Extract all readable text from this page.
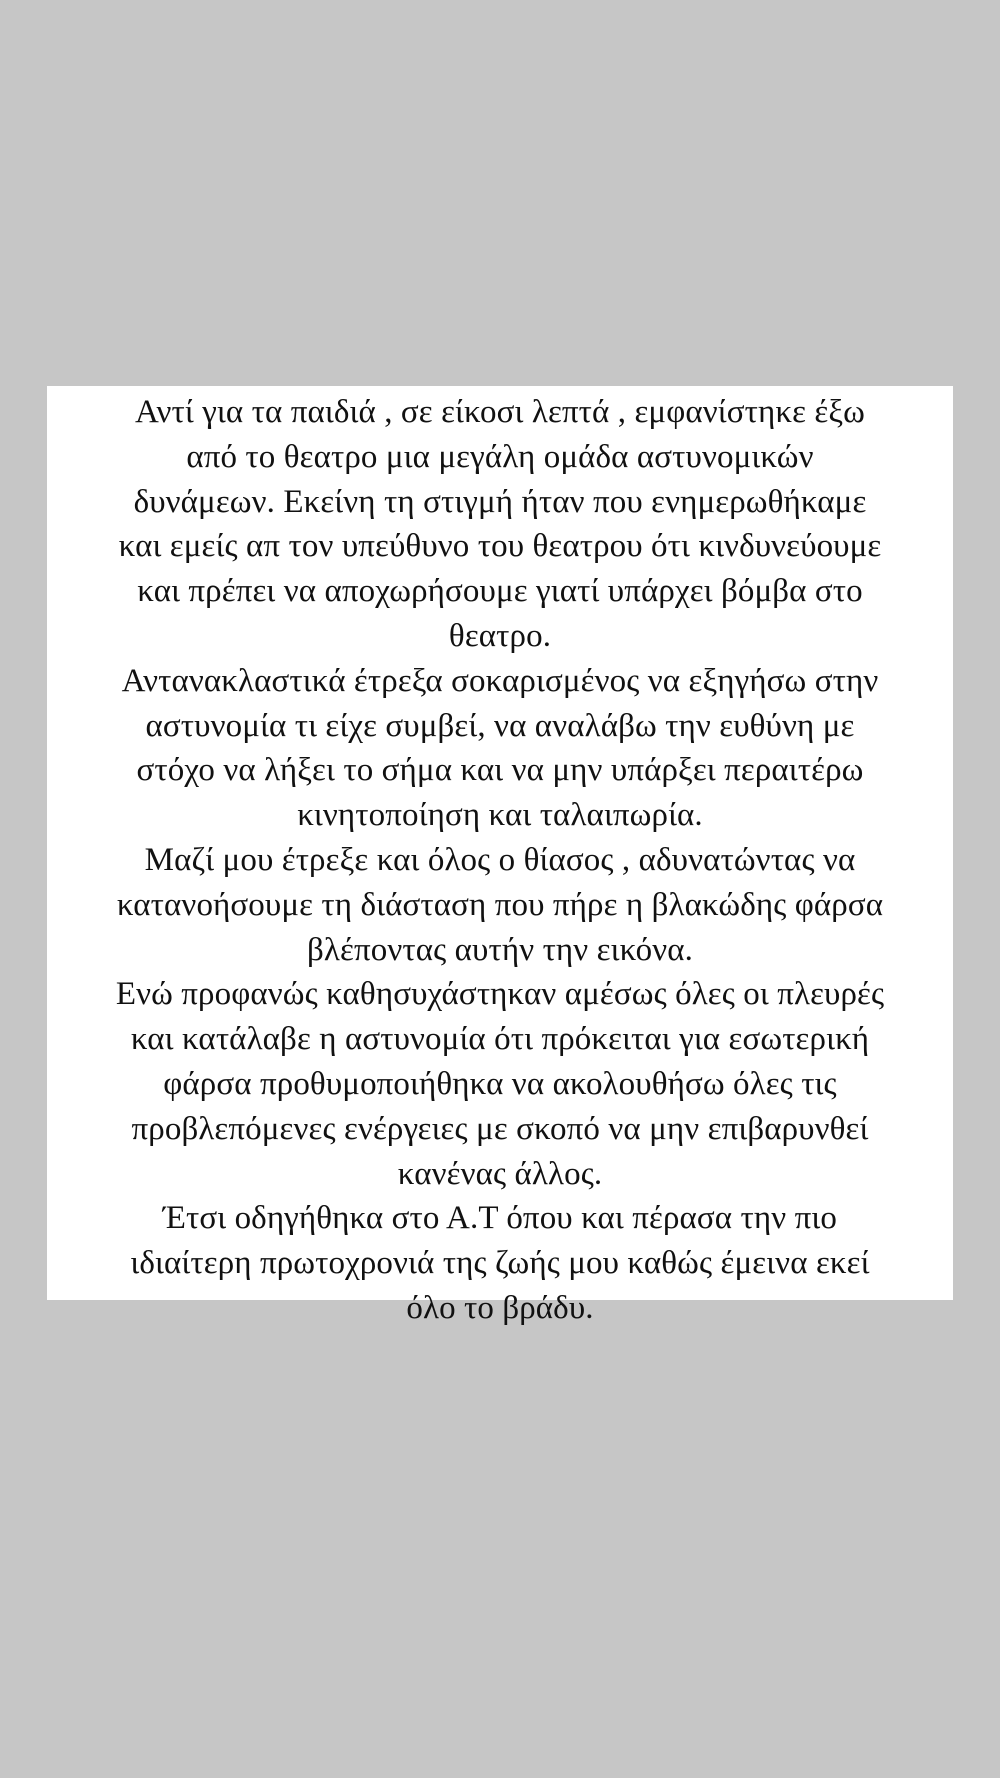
Αντί για τα παιδιά , σε είκοσι λεπτά , εμφανίστηκε έξω
από το θεατρο μια μεγάλη ομάδα αστυνομικών
δυνάμεων. Εκείνη τη στιγμή ήταν που ενημερωθήκαμε
και εμείς απ τον υπεύθυνο του θεατρου ότι κινδυνεύουμε
και πρέπει να αποχωρήσουμε γιατί υπάρχει βόμβα στο
θεατρο.
Αντανακλαστικά έτρεξα σοκαρισμένος να εξηγήσω στην
αστυνομία τι είχε συμβεί, να αναλάβω την ευθύνη με
στόχο να λήξει το σήμα και να μην υπάρξει περαιτέρω
κινητοποίηση και ταλαιπωρία.
Μαζί μου έτρεξε και όλος ο θίασος , αδυνατώντας να
κατανοήσουμε τη διάσταση που πήρε η βλακώδης φάρσα
βλέποντας αυτήν την εικόνα.
Ενώ προφανώς καθησυχάστηκαν αμέσως όλες οι πλευρές
και κατάλαβε η αστυνομία ότι πρόκειται για εσωτερική
φάρσα προθυμοποιήθηκα να ακολουθήσω όλες τις
προβλεπόμενες ενέργειες με σκοπό να μην επιβαρυνθεί
κανένας άλλος.
Έτσι οδηγήθηκα στο Α.Τ όπου και πέρασα την πιο
ιδιαίτερη πρωτοχρονιά της ζωής μου καθώς έμεινα εκεί
όλο το βράδυ.
